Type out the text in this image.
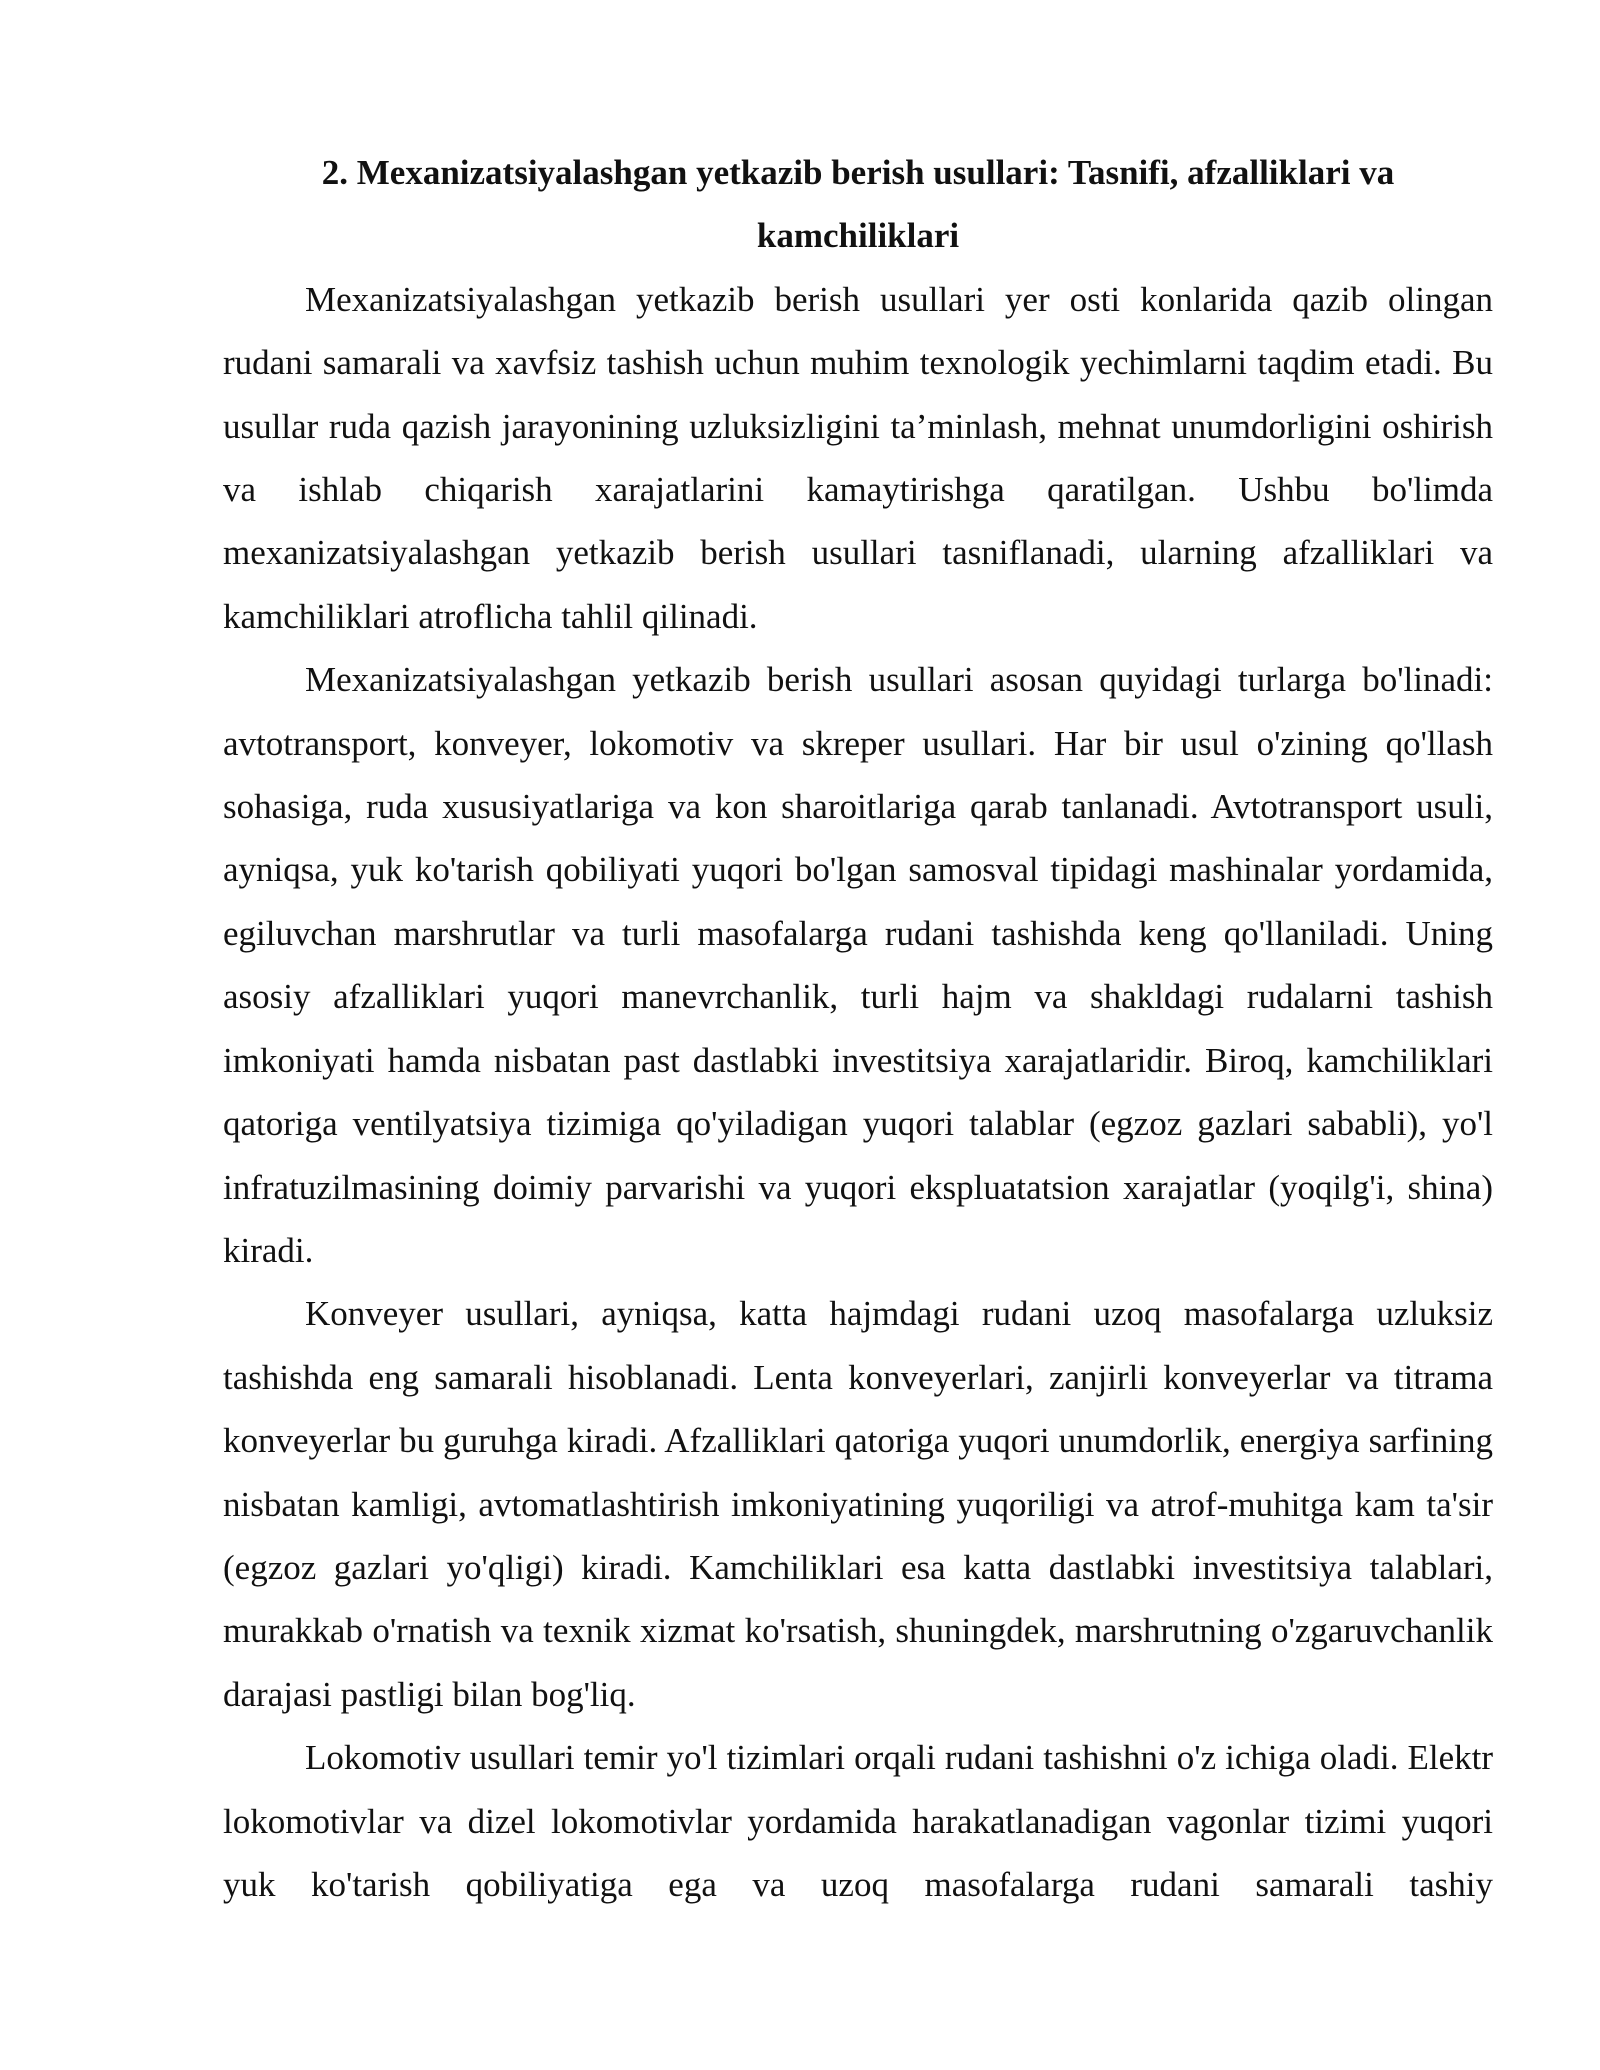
2. Mexanizatsiyalashgan yetkazib berish usullari: Tasnifi, afzalliklari va kamchiliklari

Mexanizatsiyalashgan yetkazib berish usullari yer osti konlarida qazib olingan rudani samarali va xavfsiz tashish uchun muhim texnologik yechimlarni taqdim etadi. Bu usullar ruda qazish jarayonining uzluksizligini ta’minlash, mehnat unumdorligini oshirish va ishlab chiqarish xarajatlarini kamaytirishga qaratilgan. Ushbu bo'limda mexanizatsiyalashgan yetkazib berish usullari tasniflanadi, ularning afzalliklari va kamchiliklari atroflicha tahlil qilinadi.

Mexanizatsiyalashgan yetkazib berish usullari asosan quyidagi turlarga bo'linadi: avtotransport, konveyer, lokomotiv va skreper usullari. Har bir usul o'zining qo'llash sohasiga, ruda xususiyatlariga va kon sharoitlariga qarab tanlanadi. Avtotransport usuli, ayniqsa, yuk ko'tarish qobiliyati yuqori bo'lgan samosval tipidagi mashinalar yordamida, egiluvchan marshrutlar va turli masofalarga rudani tashishda keng qo'llaniladi. Uning asosiy afzalliklari yuqori manevrchanlik, turli hajm va shakldagi rudalarni tashish imkoniyati hamda nisbatan past dastlabki investitsiya xarajatlaridir. Biroq, kamchiliklari qatoriga ventilyatsiya tizimiga qo'yiladigan yuqori talablar (egzoz gazlari sababli), yo'l infratuzilmasining doimiy parvarishi va yuqori ekspluatatsion xarajatlar (yoqilg'i, shina) kiradi.

Konveyer usullari, ayniqsa, katta hajmdagi rudani uzoq masofalarga uzluksiz tashishda eng samarali hisoblanadi. Lenta konveyerlari, zanjirli konveyerlar va titrama konveyerlar bu guruhga kiradi. Afzalliklari qatoriga yuqori unumdorlik, energiya sarfining nisbatan kamligi, avtomatlashtirish imkoniyatining yuqoriligi va atrof-muhitga kam ta'sir (egzoz gazlari yo'qligi) kiradi. Kamchiliklari esa katta dastlabki investitsiya talablari, murakkab o'rnatish va texnik xizmat ko'rsatish, shuningdek, marshrutning o'zgaruvchanlik darajasi pastligi bilan bog'liq.

Lokomotiv usullari temir yo'l tizimlari orqali rudani tashishni o'z ichiga oladi. Elektr lokomotivlar va dizel lokomotivlar yordamida harakatlanadigan vagonlar tizimi yuqori yuk ko'tarish qobiliyatiga ega va uzoq masofalarga rudani samarali tashiy
